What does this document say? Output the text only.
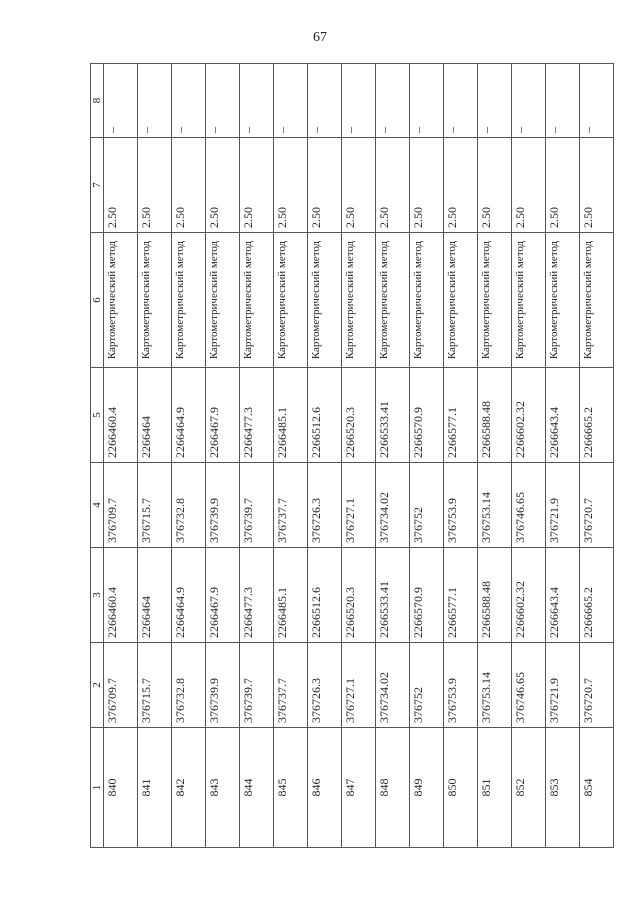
67
1	2	3	4	5	6	7	8
840	376709.7	2266460.4	376709.7	2266460.4	Картометрический метод	2.50	–
841	376715.7	2266464	376715.7	2266464	Картометрический метод	2.50	–
842	376732.8	2266464.9	376732.8	2266464.9	Картометрический метод	2.50	–
843	376739.9	2266467.9	376739.9	2266467.9	Картометрический метод	2.50	–
844	376739.7	2266477.3	376739.7	2266477.3	Картометрический метод	2.50	–
845	376737.7	2266485.1	376737.7	2266485.1	Картометрический метод	2.50	–
846	376726.3	2266512.6	376726.3	2266512.6	Картометрический метод	2.50	–
847	376727.1	2266520.3	376727.1	2266520.3	Картометрический метод	2.50	–
848	376734.02	2266533.41	376734.02	2266533.41	Картометрический метод	2.50	–
849	376752	2266570.9	376752	2266570.9	Картометрический метод	2.50	–
850	376753.9	2266577.1	376753.9	2266577.1	Картометрический метод	2.50	–
851	376753.14	2266588.48	376753.14	2266588.48	Картометрический метод	2.50	–
852	376746.65	2266602.32	376746.65	2266602.32	Картометрический метод	2.50	–
853	376721.9	2266643.4	376721.9	2266643.4	Картометрический метод	2.50	–
854	376720.7	2266665.2	376720.7	2266665.2	Картометрический метод	2.50	–
